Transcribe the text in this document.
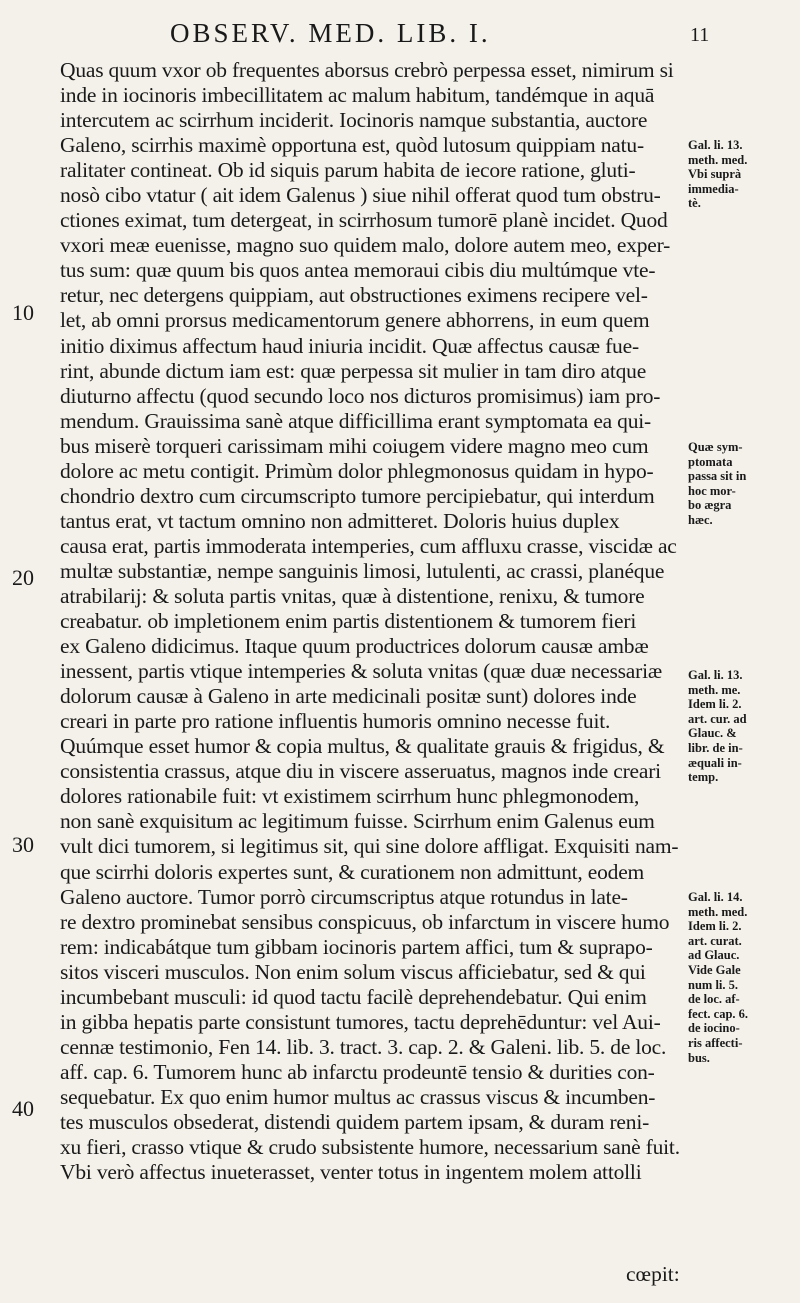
OBSERV. MED. LIB. I.	11
Quas quum vxor ob frequentes aborsus crebrò perpessa esset, nimirum si
inde in iocinoris imbecillitatem ac malum habitum, tandémque in aquā
intercutem ac scirrhum inciderit. Iocinoris namque substantia, auctore
Galeno, scirrhis maximè opportuna est, quòd lutosum quippiam natu-
ralitater contineat. Ob id siquis parum habita de iecore ratione, gluti-
nosò cibo vtatur ( ait idem Galenus ) siue nihil offerat quod tum obstru-
ctiones eximat, tum detergeat, in scirrhosum tumorē planè incidet. Quod
vxori meæ euenisse, magno suo quidem malo, dolore autem meo, exper-
tus sum: quæ quum bis quos antea memoraui cibis diu multúmque vte-
retur, nec detergens quippiam, aut obstructiones eximens recipere vel-
let, ab omni prorsus medicamentorum genere abhorrens, in eum quem
initio diximus affectum haud iniuria incidit. Quæ affectus causæ fue-
rint, abunde dictum iam est: quæ perpessa sit mulier in tam diro atque
diuturno affectu (quod secundo loco nos dicturos promisimus) iam pro-
mendum. Grauissima sanè atque difficillima erant symptomata ea qui-
bus miserè torqueri carissimam mihi coiugem videre magno meo cum
dolore ac metu contigit. Primùm dolor phlegmonosus quidam in hypo-
chondrio dextro cum circumscripto tumore percipiebatur, qui interdum
tantus erat, vt tactum omnino non admitteret. Doloris huius duplex
causa erat, partis immoderata intemperies, cum affluxu crasse, viscidæ ac
multæ substantiæ, nempe sanguinis limosi, lutulenti, ac crassi, planéque
atrabilarij: & soluta partis vnitas, quæ à distentione, renixu, & tumore
creabatur. ob impletionem enim partis distentionem & tumorem fieri
ex Galeno didicimus. Itaque quum productrices dolorum causæ ambæ
inessent, partis vtique intemperies & soluta vnitas (quæ duæ necessariæ
dolorum causæ à Galeno in arte medicinali positæ sunt) dolores inde
creari in parte pro ratione influentis humoris omnino necesse fuit.
Quúmque esset humor & copia multus, & qualitate grauis & frigidus, &
consistentia crassus, atque diu in viscere asseruatus, magnos inde creari
dolores rationabile fuit: vt existimem scirrhum hunc phlegmonodem,
non sanè exquisitum ac legitimum fuisse. Scirrhum enim Galenus eum
vult dici tumorem, si legitimus sit, qui sine dolore affligat. Exquisiti nam-
que scirrhi doloris expertes sunt, & curationem non admittunt, eodem
Galeno auctore. Tumor porrò circumscriptus atque rotundus in late-
re dextro prominebat sensibus conspicuus, ob infarctum in viscere humo
rem: indicabátque tum gibbam iocinoris partem affici, tum & suprapo-
sitos visceri musculos. Non enim solum viscus afficiebatur, sed & qui
incumbebant musculi: id quod tactu facilè deprehendebatur. Qui enim
in gibba hepatis parte consistunt tumores, tactu deprehēduntur: vel Aui-
cennæ testimonio, Fen 14. lib. 3. tract. 3. cap. 2. & Galeni. lib. 5. de loc.
aff. cap. 6. Tumorem hunc ab infarctu prodeuntē tensio & durities con-
sequebatur. Ex quo enim humor multus ac crassus viscus & incumben-
tes musculos obsederat, distendi quidem partem ipsam, & duram reni-
xu fieri, crasso vtique & crudo subsistente humore, necessarium sanè fuit.
Vbi verò affectus inueterasset, venter totus in ingentem molem attolli
10
20
30
40
Gal. li. 13.
meth. med.
Vbi suprà
immedia-
tè.
Quæ sym-
ptomata
passa sit in
hoc mor-
bo ægra
hæc.
Gal. li. 13.
meth. me.
Idem li. 2.
art. cur. ad
Glauc. &
libr. de in-
æquali in-
temp.
Gal. li. 14.
meth. med.
Idem li. 2.
art. curat.
ad Glauc.
Vide Gale
num li. 5.
de loc. af-
fect. cap. 6.
de iocino-
ris affecti-
bus.
cœpit:
